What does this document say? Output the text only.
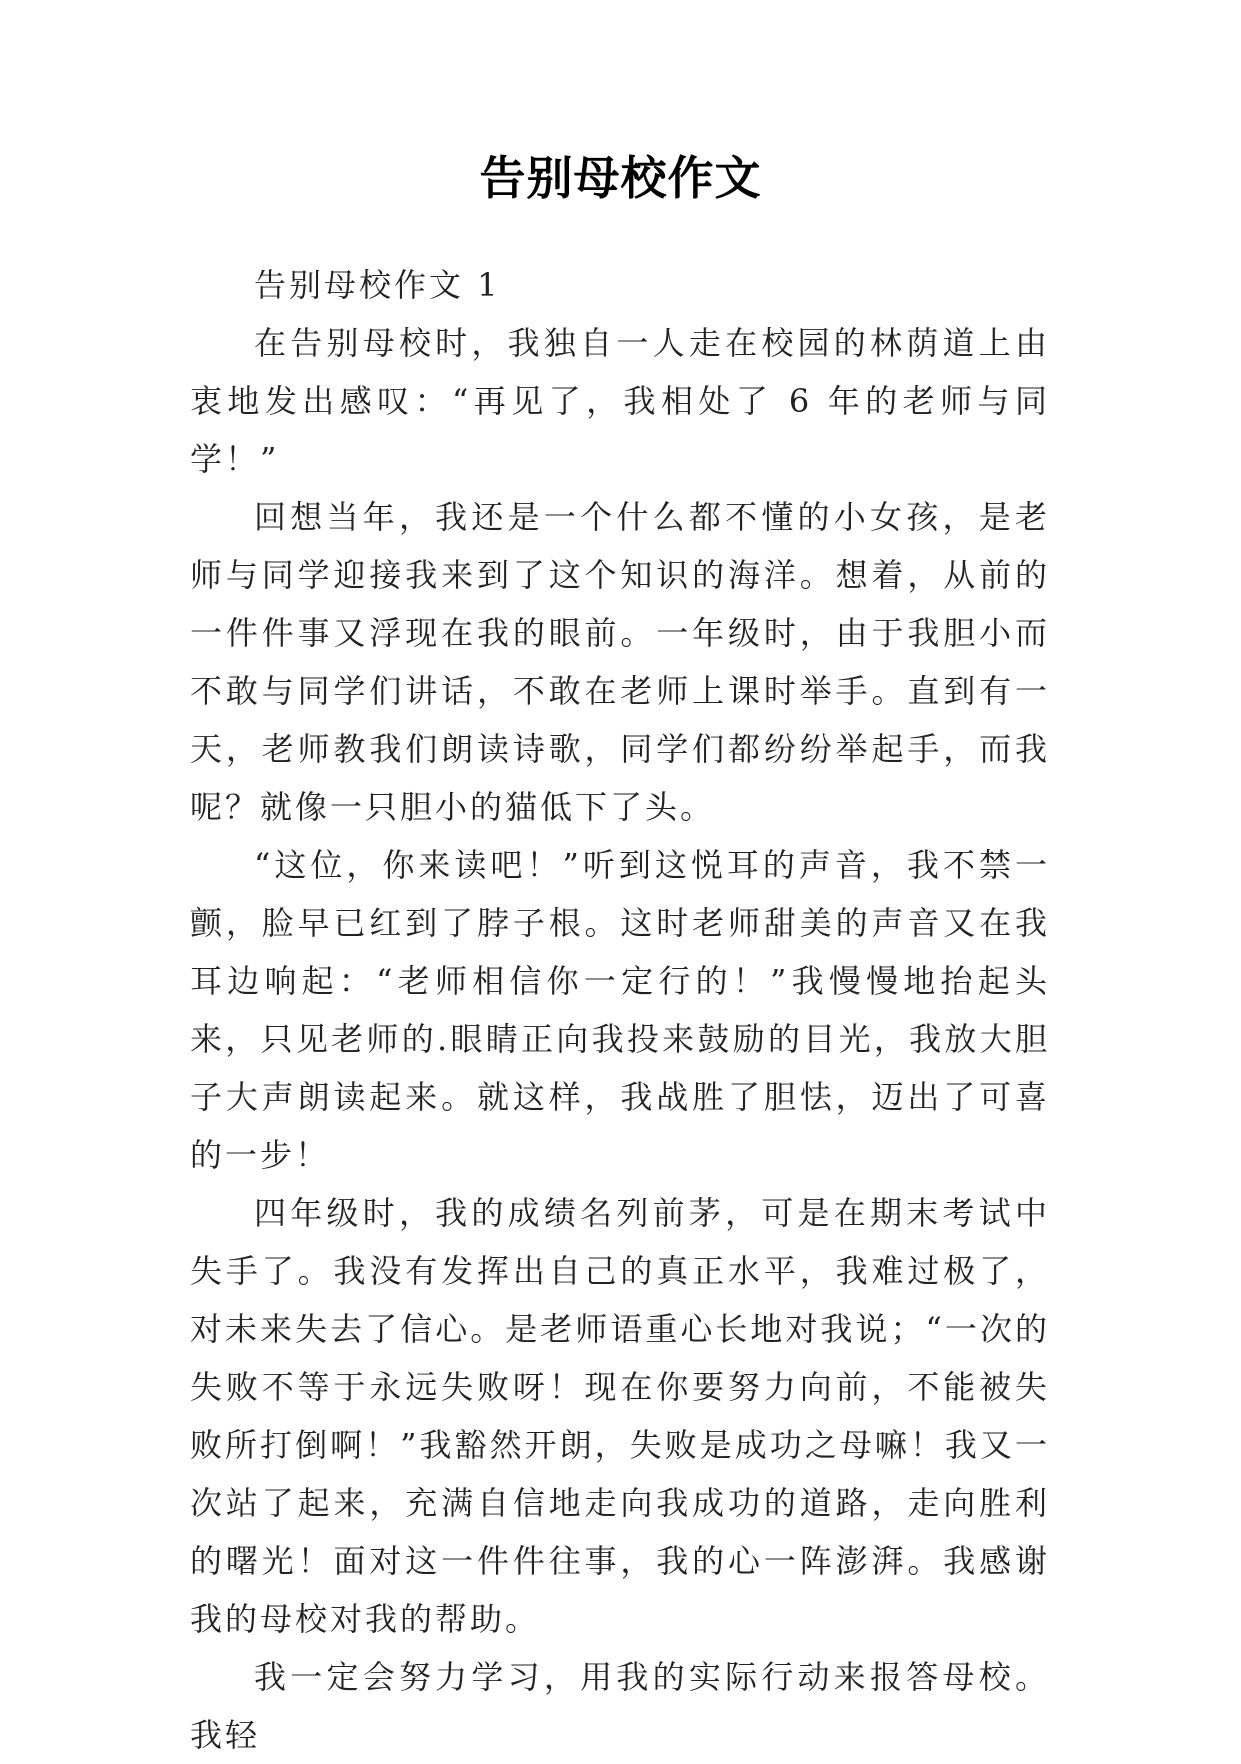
告别母校作文

告别母校作文 1

在告别母校时，我独自一人走在校园的林荫道上由衷地发出感叹：“再见了，我相处了 6 年的老师与同学！”

回想当年，我还是一个什么都不懂的小女孩，是老师与同学迎接我来到了这个知识的海洋。想着，从前的一件件事又浮现在我的眼前。一年级时，由于我胆小而不敢与同学们讲话，不敢在老师上课时举手。直到有一天，老师教我们朗读诗歌，同学们都纷纷举起手，而我呢？就像一只胆小的猫低下了头。

“这位，你来读吧！”听到这悦耳的声音，我不禁一颤，脸早已红到了脖子根。这时老师甜美的声音又在我耳边响起：“老师相信你一定行的！”我慢慢地抬起头来，只见老师的.眼睛正向我投来鼓励的目光，我放大胆子大声朗读起来。就这样，我战胜了胆怯，迈出了可喜的一步！

四年级时，我的成绩名列前茅，可是在期末考试中失手了。我没有发挥出自己的真正水平，我难过极了，对未来失去了信心。是老师语重心长地对我说；“一次的失败不等于永远失败呀！现在你要努力向前，不能被失败所打倒啊！”我豁然开朗，失败是成功之母嘛！我又一次站了起来，充满自信地走向我成功的道路，走向胜利的曙光！面对这一件件往事，我的心一阵澎湃。我感谢我的母校对我的帮助。

我一定会努力学习，用我的实际行动来报答母校。我轻
